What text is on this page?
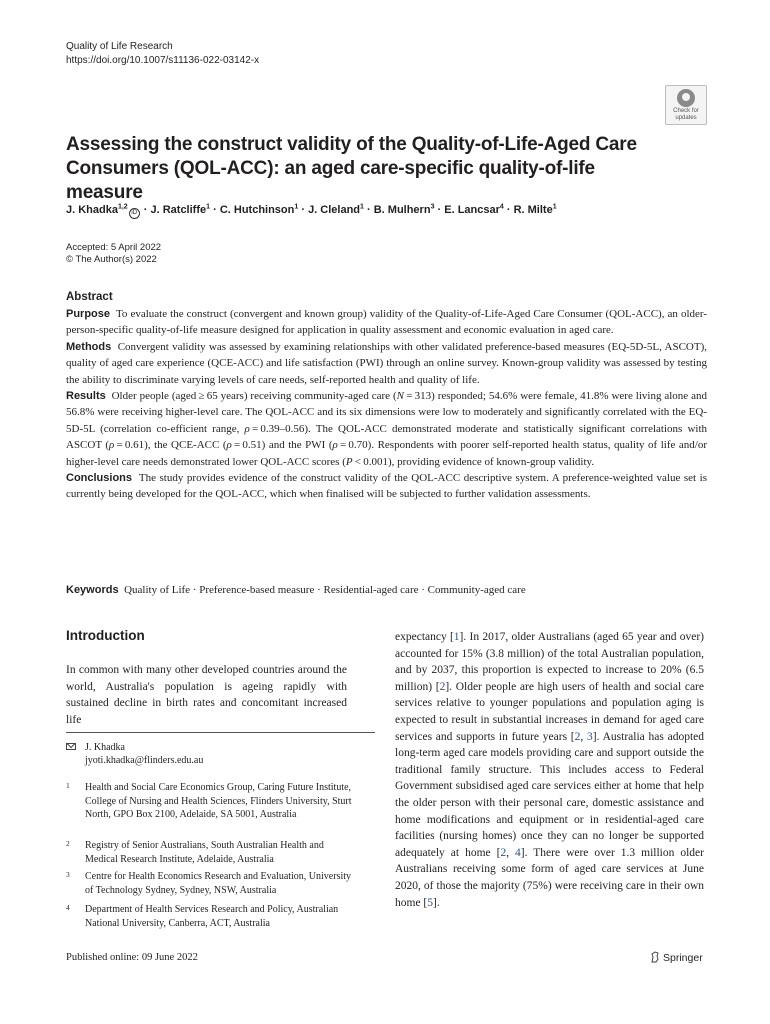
Quality of Life Research
https://doi.org/10.1007/s11136-022-03142-x
Check for
updates
Assessing the construct validity of the Quality-of-Life-Aged Care
Consumers (QOL-ACC): an aged care-specific quality-of-life measure
J. Khadka$^{1,2}$iD · J. Ratcliffe$^1$ · C. Hutchinson$^1$ · J. Cleland$^1$ · B. Mulhern$^3$ · E. Lancsar$^4$ · R. Milte$^1$
Accepted: 5 April 2022
© The Author(s) 2022
Abstract

Purpose To evaluate the construct (convergent and known group) validity of the Quality-of-Life-Aged Care Consumer (QOL-ACC), an older-person-specific quality-of-life measure designed for application in quality assessment and economic evaluation in aged care.

Methods Convergent validity was assessed by examining relationships with other validated preference-based measures (EQ-5D-5L, ASCOT), quality of aged care experience (QCE-ACC) and life satisfaction (PWI) through an online survey. Known-group validity was assessed by testing the ability to discriminate varying levels of care needs, self-reported health and quality of life.

Results Older people (aged ≥ 65 years) receiving community-aged care (N = 313) responded; 54.6% were female, 41.8% were living alone and 56.8% were receiving higher-level care. The QOL-ACC and its six dimensions were low to moderately and significantly correlated with the EQ-5D-5L (correlation co-efficient range, ρ = 0.39–0.56). The QOL-ACC demonstrated moderate and statistically significant correlations with ASCOT (ρ = 0.61), the QCE-ACC (ρ = 0.51) and the PWI (ρ = 0.70). Respondents with poorer self-reported health status, quality of life and/or higher-level care needs demonstrated lower QOL-ACC scores (P < 0.001), providing evidence of known-group validity.

Conclusions The study provides evidence of the construct validity of the QOL-ACC descriptive system. A preference-weighted value set is currently being developed for the QOL-ACC, which when finalised will be subjected to further validation assessments.

Keywords Quality of Life · Preference-based measure · Residential-aged care · Community-aged care
Introduction

In common with many other developed countries around the world, Australia's population is ageing rapidly with sustained decline in birth rates and concomitant increased life

expectancy [1]. In 2017, older Australians (aged 65 year and over) accounted for 15% (3.8 million) of the total Australian population, and by 2037, this proportion is expected to increase to 20% (6.5 million) [2]. Older people are high users of health and social care services relative to younger populations and population aging is expected to result in substantial increases in demand for aged care services and supports in future years [2, 3]. Australia has adopted long-term aged care models providing care and support outside the traditional family structure. This includes access to Federal Government subsidised aged care services either at home that help the older person with their personal care, domestic assistance and home modifications and equipment or in residential-aged care facilities (nursing homes) once they can no longer be supported adequately at home [2, 4]. There were over 1.3 million older Australians receiving some form of aged care services at June 2020, of those the majority (75%) were receiving care in their own home [5].

J. Khadka
jyoti.khadka@flinders.edu.au
1 Health and Social Care Economics Group, Caring Future Institute, College of Nursing and Health Sciences, Flinders University, Sturt North, GPO Box 2100, Adelaide, SA 5001, Australia
2 Registry of Senior Australians, South Australian Health and Medical Research Institute, Adelaide, Australia
3 Centre for Health Economics Research and Evaluation, University of Technology Sydney, Sydney, NSW, Australia
4 Department of Health Services Research and Policy, Australian National University, Canberra, ACT, Australia
Published online: 09 June 2022	Springer
